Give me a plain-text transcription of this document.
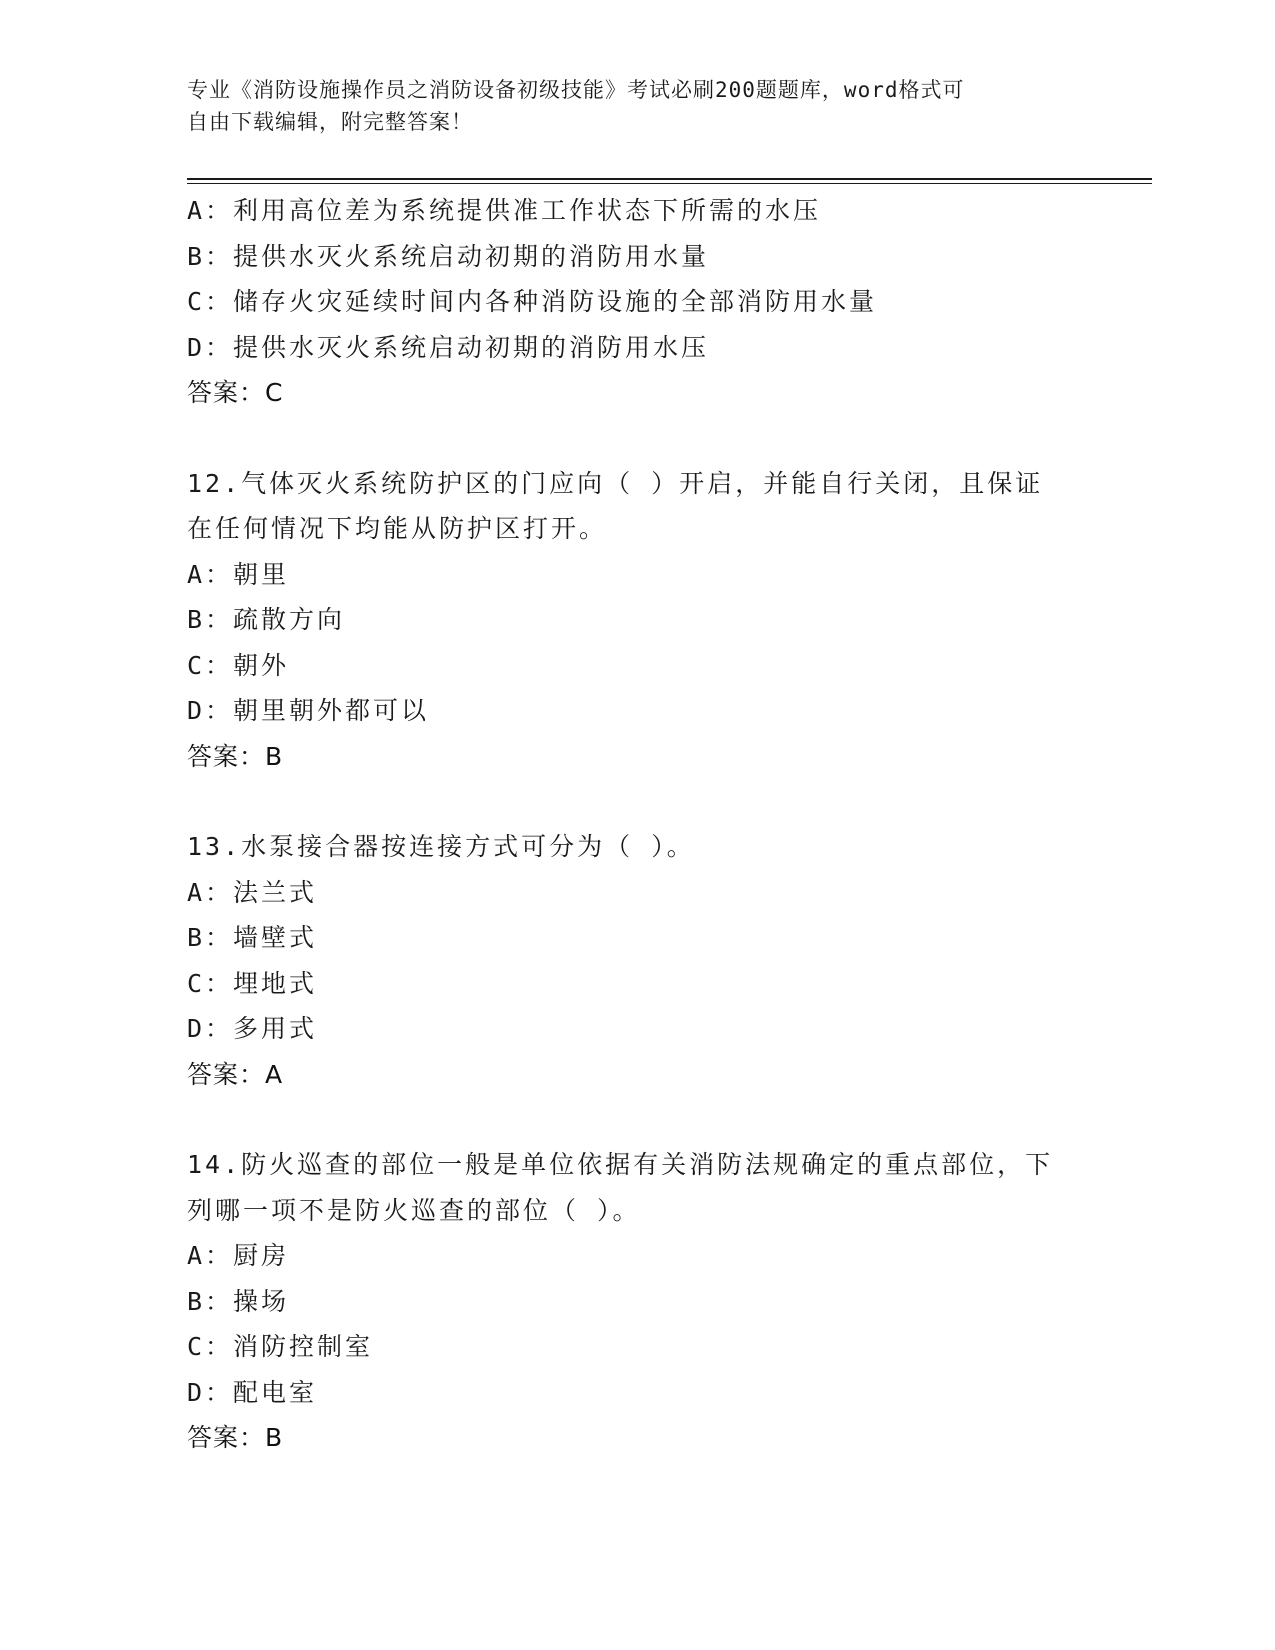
专业《消防设施操作员之消防设备初级技能》考试必刷200题题库，word格式可
自由下载编辑，附完整答案！
A：利用高位差为系统提供准工作状态下所需的水压
B：提供水灭火系统启动初期的消防用水量
C：储存火灾延续时间内各种消防设施的全部消防用水量
D：提供水灭火系统启动初期的消防用水压
答案：C
12.气体灭火系统防护区的门应向（ ）开启，并能自行关闭，且保证
在任何情况下均能从防护区打开。
A：朝里
B：疏散方向
C：朝外
D：朝里朝外都可以
答案：B
13.水泵接合器按连接方式可分为（ ）。
A：法兰式
B：墙壁式
C：埋地式
D：多用式
答案：A
14.防火巡查的部位一般是单位依据有关消防法规确定的重点部位，下
列哪一项不是防火巡查的部位（ ）。
A：厨房
B：操场
C：消防控制室
D：配电室
答案：B
